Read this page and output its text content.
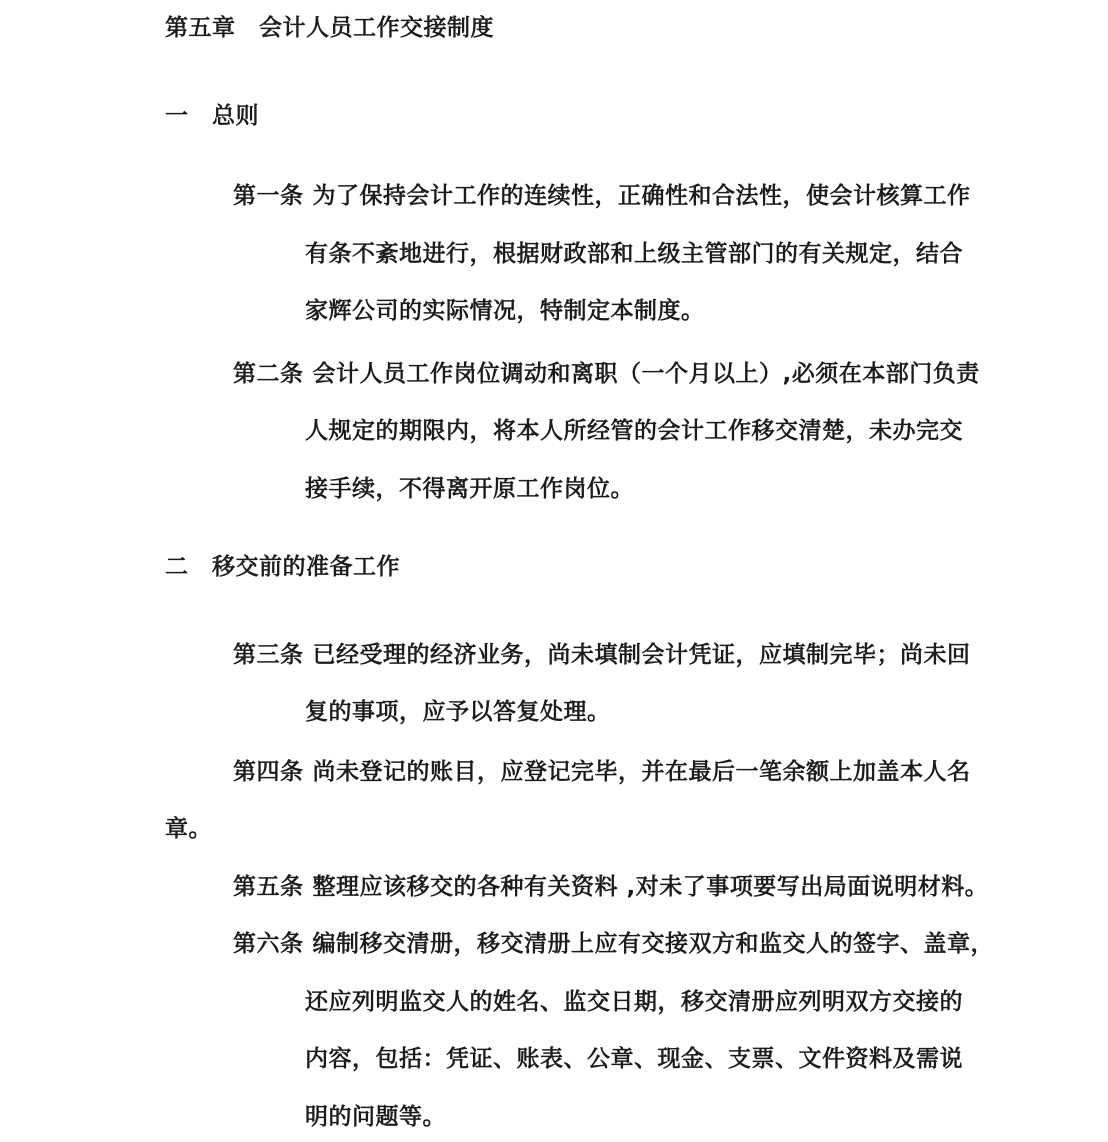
第五章　会计人员工作交接制度
一　总则
第一条 为了保持会计工作的连续性，正确性和合法性，使会计核算工作
有条不紊地进行，根据财政部和上级主管部门的有关规定，结合
家辉公司的实际情况，特制定本制度。
第二条 会计人员工作岗位调动和离职（一个月以上）,必须在本部门负责
人规定的期限内，将本人所经管的会计工作移交清楚，未办完交
接手续，不得离开原工作岗位。
二　移交前的准备工作
第三条 已经受理的经济业务，尚未填制会计凭证，应填制完毕；尚未回
复的事项，应予以答复处理。
第四条 尚未登记的账目，应登记完毕，并在最后一笔余额上加盖本人名
章。
第五条 整理应该移交的各种有关资料 ,对未了事项要写出局面说明材料。
第六条 编制移交清册，移交清册上应有交接双方和监交人的签字、盖章，
还应列明监交人的姓名、监交日期，移交清册应列明双方交接的
内容，包括：凭证、账表、公章、现金、支票、文件资料及需说
明的问题等。
